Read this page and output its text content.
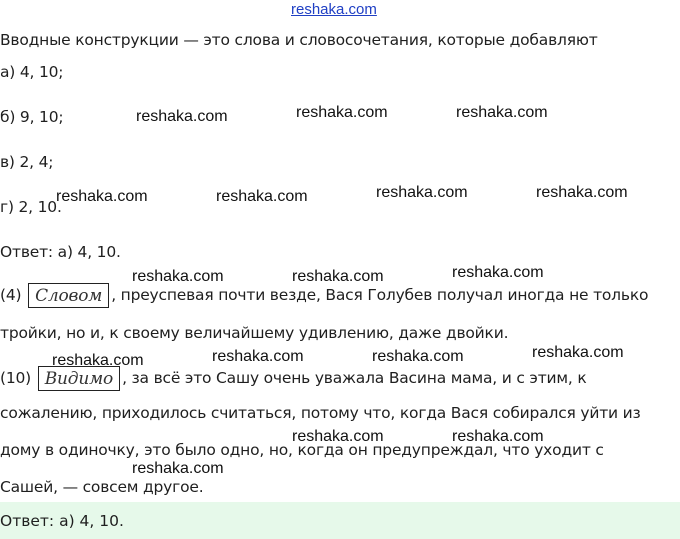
reshaka.com
Вводные конструкции — это слова и словосочетания, которые добавляют
а) 4, 10;
б) 9, 10;
в) 2, 4;
г) 2, 10.
Ответ: а) 4, 10.
(4) Словом , преуспевая почти везде, Вася Голубев получал иногда не только
тройки, но и, к своему величайшему удивлению, даже двойки.
(10) Видимо , за всё это Сашу очень уважала Васина мама, и с этим, к
сожалению, приходилось считаться, потому что, когда Вася собирался уйти из
дому в одиночку, это было одно, но, когда он предупреждал, что уходит с
Сашей, — совсем другое.
Ответ: а) 4, 10.
reshaka.com	reshaka.com	reshaka.com
reshaka.com	reshaka.com	reshaka.com	reshaka.com
reshaka.com	reshaka.com	reshaka.com
reshaka.com	reshaka.com	reshaka.com	reshaka.com
reshaka.com	reshaka.com
reshaka.com
